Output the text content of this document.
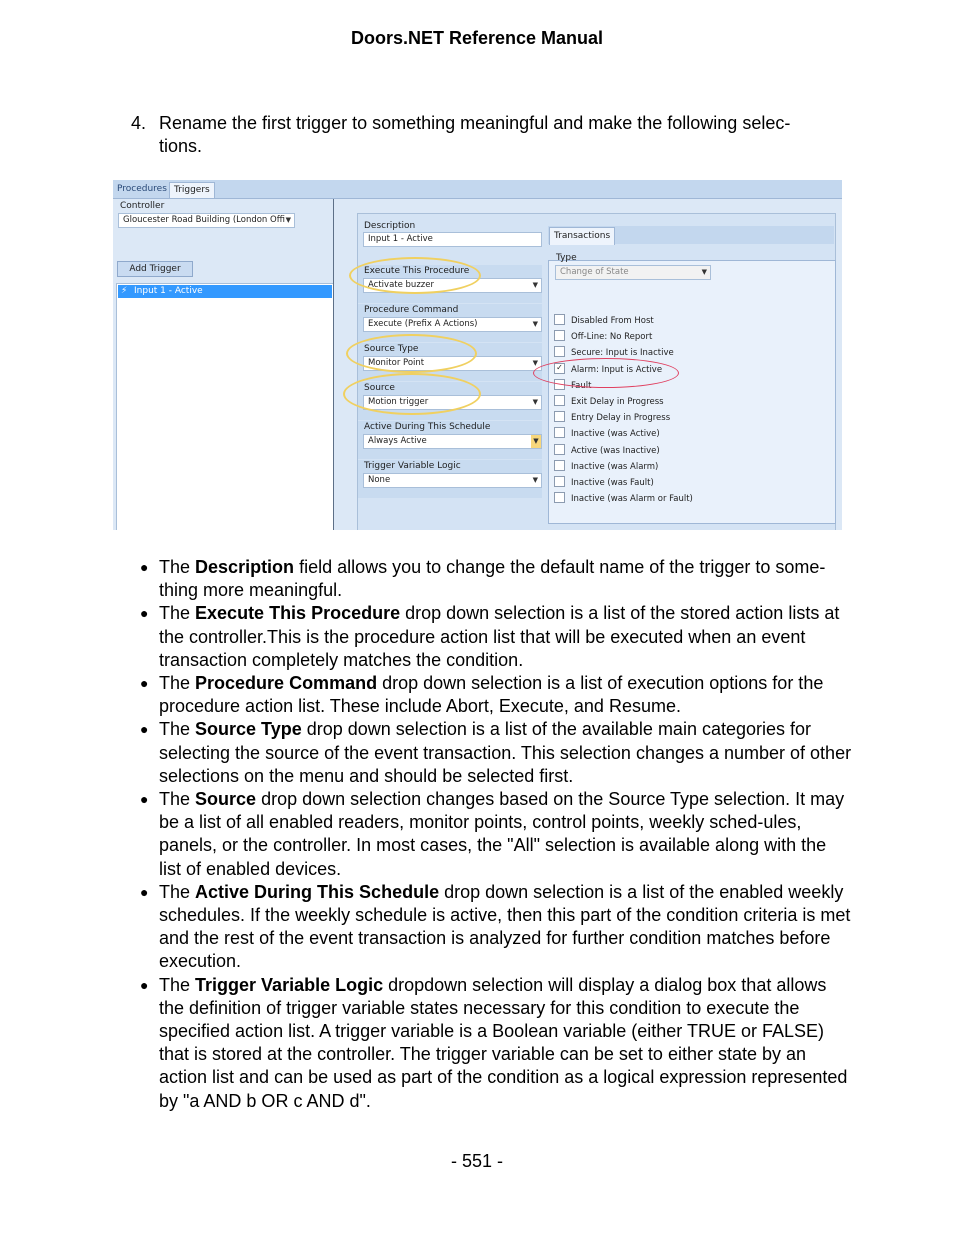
Doors.NET Reference Manual
4. Rename the first trigger to something meaningful and make the following selec-tions.
Procedures Triggers
Controller
Gloucester Road Building (London Offi ▼
Add Trigger
⚡ Input 1 - Active
Description
Input 1 - Active
Execute This Procedure
Activate buzzer	▼
Procedure Command
Execute (Prefix A Actions)	▼
Source Type
Monitor Point	▼
Source
Motion trigger	▼
Active During This Schedule
Always Active	▼
Trigger Variable Logic
None	▼
Transactions
Type
Change of State	▼
Disabled From Host
Off-Line: No Report
Secure: Input is Inactive
✓ Alarm: Input is Active
Fault
Exit Delay in Progress
Entry Delay in Progress
Inactive (was Active)
Active (was Inactive)
Inactive (was Alarm)
Inactive (was Fault)
Inactive (was Alarm or Fault)
● The Description field allows you to change the default name of the trigger to some-thing more meaningful.
● The Execute This Procedure drop down selection is a list of the stored action lists at the controller.This is the procedure action list that will be executed when an event transaction completely matches the condition.
● The Procedure Command drop down selection is a list of execution options for the procedure action list. These include Abort, Execute, and Resume.
● The Source Type drop down selection is a list of the available main categories for selecting the source of the event transaction. This selection changes a number of other selections on the menu and should be selected first.
● The Source drop down selection changes based on the Source Type selection. It may be a list of all enabled readers, monitor points, control points, weekly sched-ules, panels, or the controller. In most cases, the "All" selection is available along with the list of enabled devices.
● The Active During This Schedule drop down selection is a list of the enabled weekly schedules. If the weekly schedule is active, then this part of the condition criteria is met and the rest of the event transaction is analyzed for further condition matches before execution.
● The Trigger Variable Logic dropdown selection will display a dialog box that allows the definition of trigger variable states necessary for this condition to execute the specified action list. A trigger variable is a Boolean variable (either TRUE or FALSE) that is stored at the controller. The trigger variable can be set to either state by an action list and can be used as part of the condition as a logical expression represented by "a AND b OR c AND d".
- 551 -
